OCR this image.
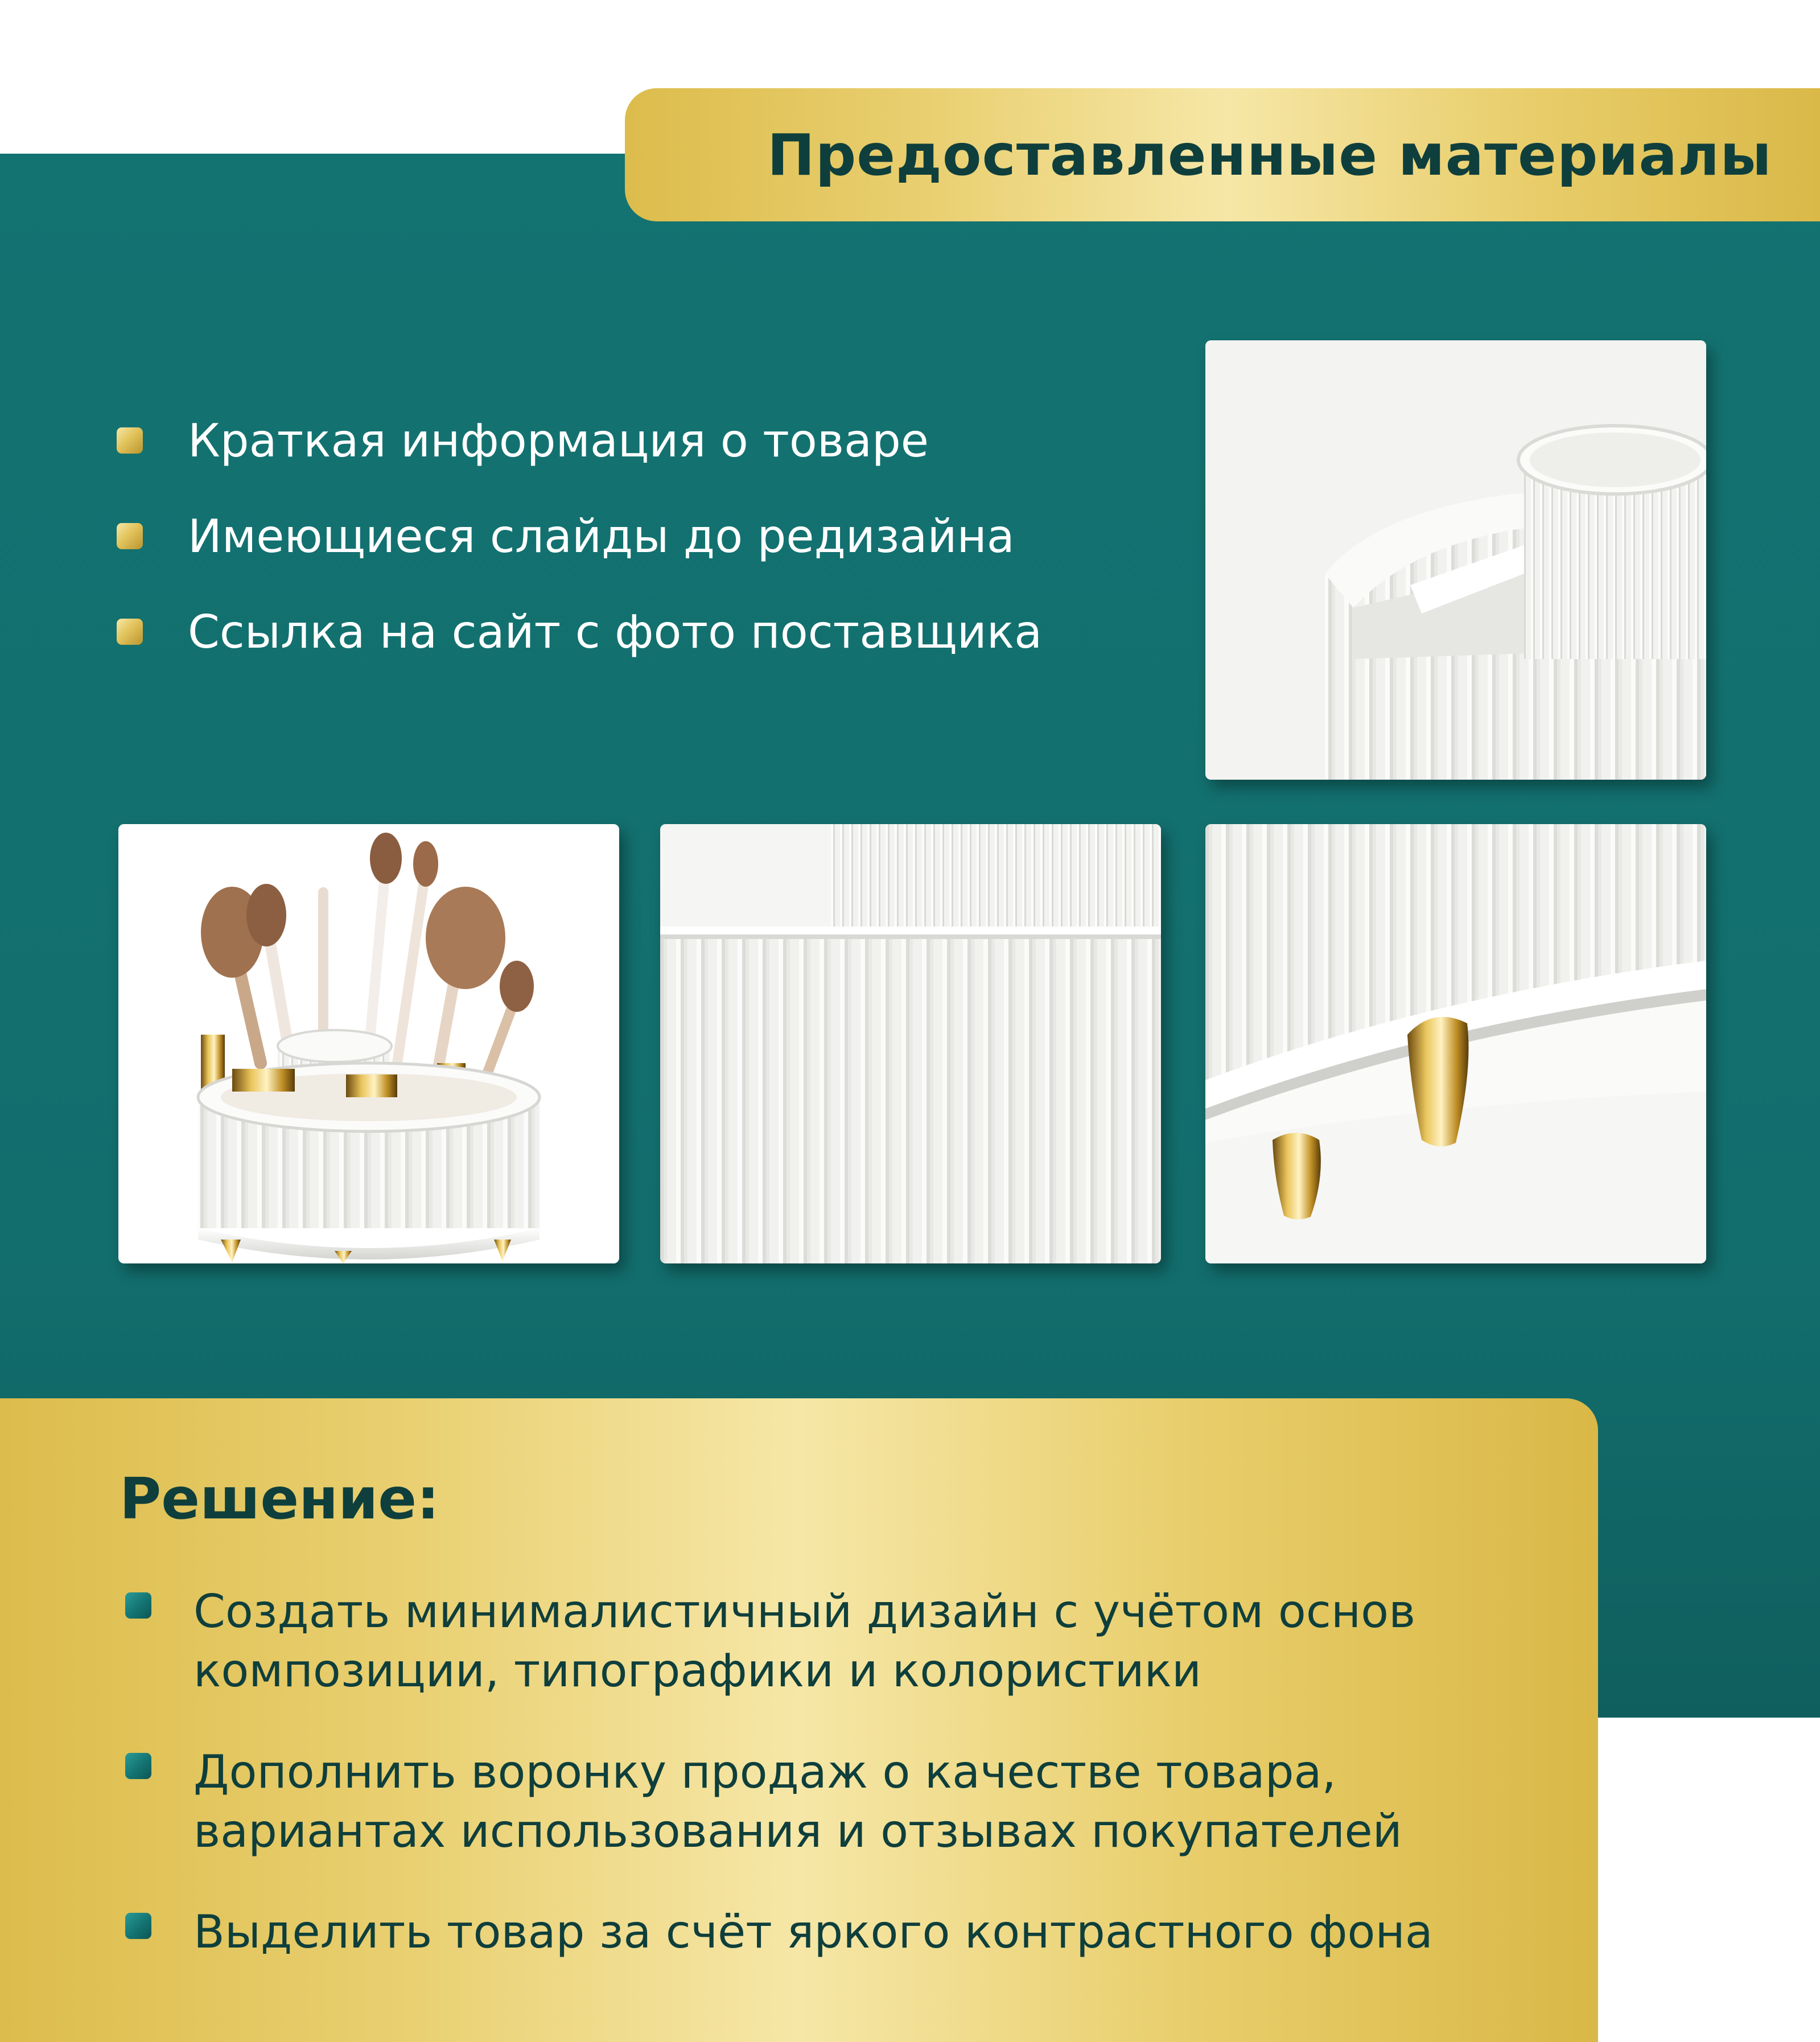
Предоставленные материалы
Краткая информация о товаре
Имеющиеся слайды до редизайна
Ссылка на сайт с фото поставщика
Решение:
Создать минималистичный дизайн с учётом основ
композиции, типографики и колористики
Дополнить воронку продаж о качестве товара,
вариантах использования и отзывах покупателей
Выделить товар за счёт яркого контрастного фона
